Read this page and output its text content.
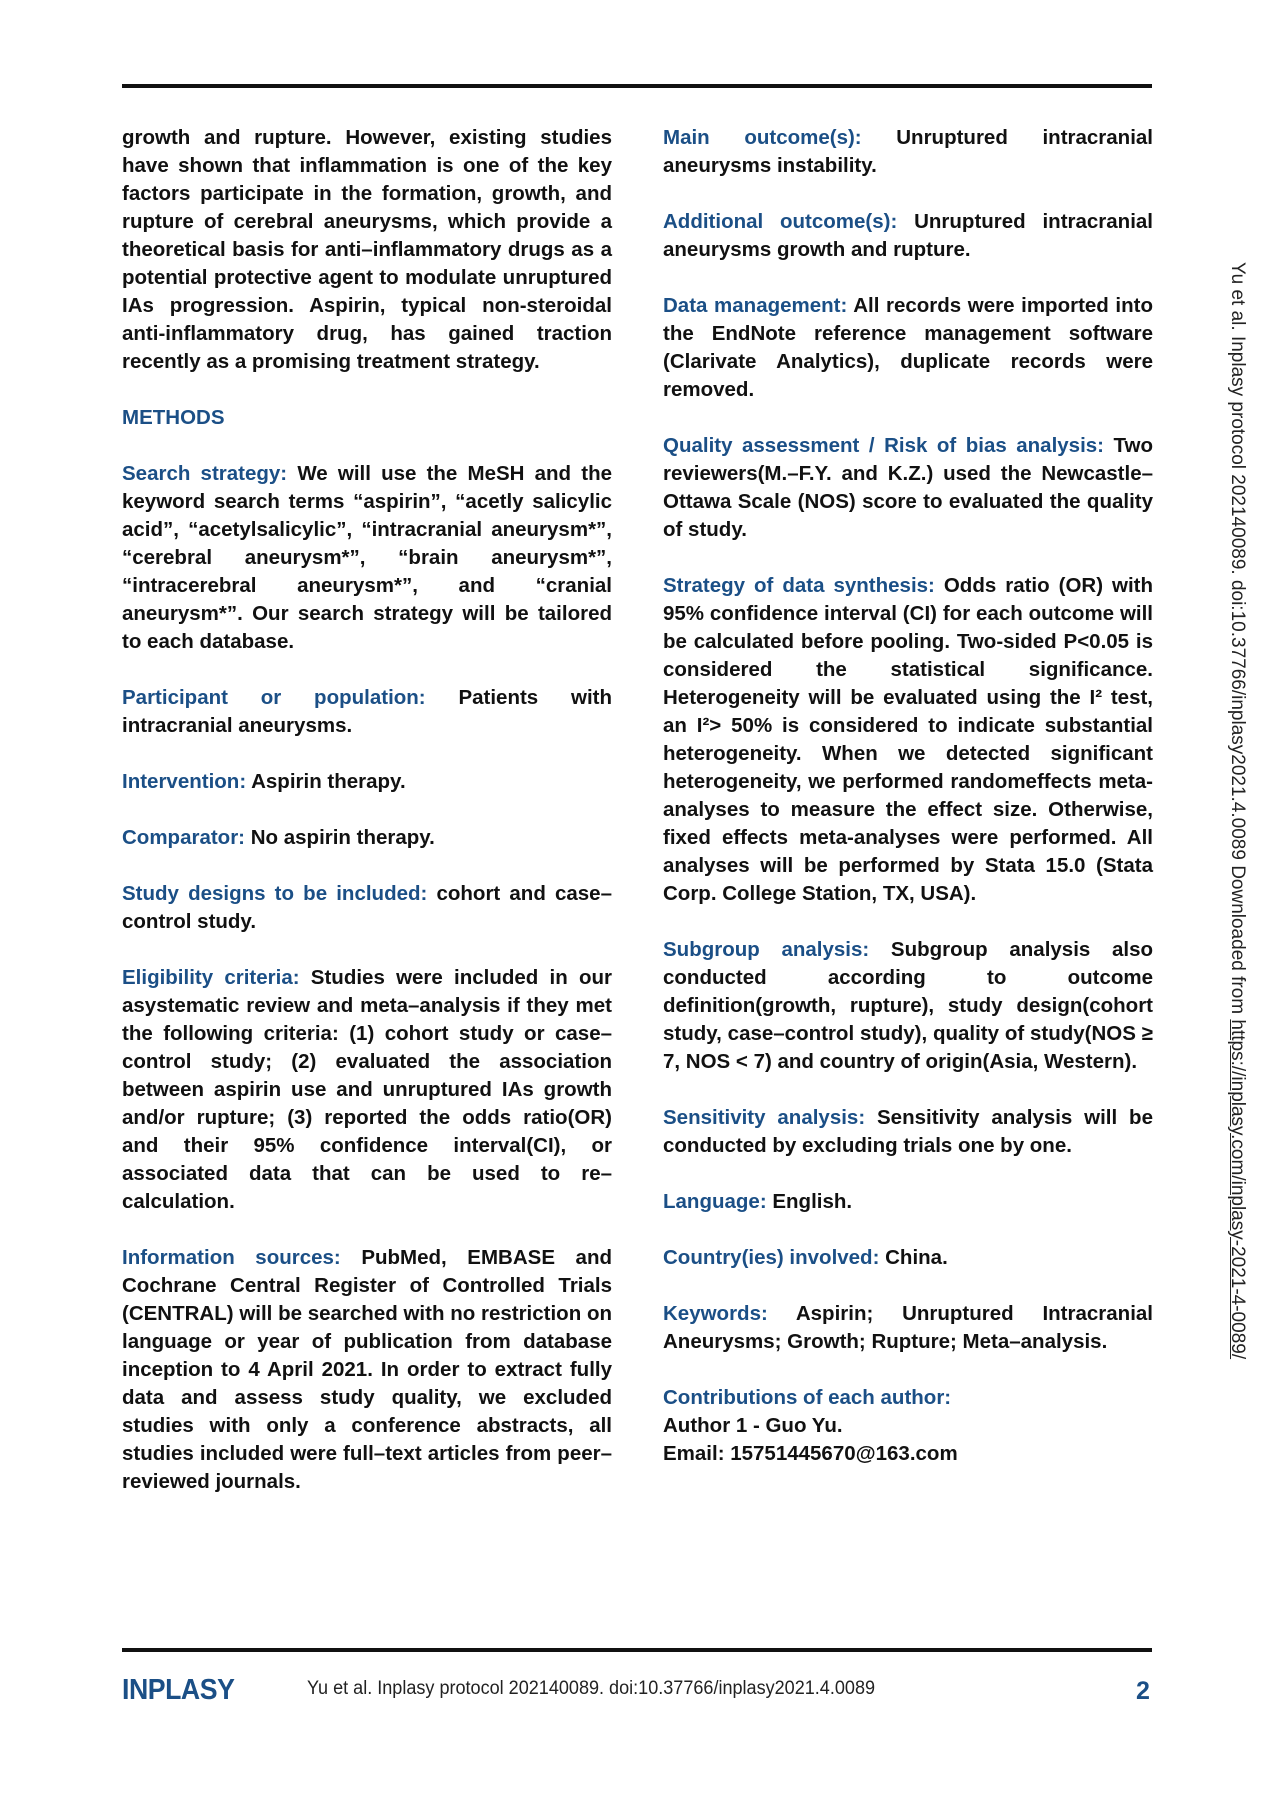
growth and rupture. However, existing studies have shown that inflammation is one of the key factors participate in the formation, growth, and rupture of cerebral aneurysms, which provide a theoretical basis for anti–inflammatory drugs as a potential protective agent to modulate unruptured IAs progression. Aspirin, typical non-steroidal anti-inflammatory drug, has gained traction recently as a promising treatment strategy.

METHODS

Search strategy: We will use the MeSH and the keyword search terms “aspirin”, “acetly salicylic acid”, “acetylsalicylic”, “intracranial aneurysm*”, “cerebral aneurysm*”, “brain aneurysm*”, “intracerebral aneurysm*”, and “cranial aneurysm*”. Our search strategy will be tailored to each database.

Participant or population: Patients with intracranial aneurysms.

Intervention: Aspirin therapy.

Comparator: No aspirin therapy.

Study designs to be included: cohort and case–control study.

Eligibility criteria: Studies were included in our asystematic review and meta–analysis if they met the following criteria: (1) cohort study or case–control study; (2) evaluated the association between aspirin use and unruptured IAs growth and/or rupture; (3) reported the odds ratio(OR) and their 95% confidence interval(CI), or associated data that can be used to re–calculation.

Information sources: PubMed, EMBASE and Cochrane Central Register of Controlled Trials (CENTRAL) will be searched with no restriction on language or year of publication from database inception to 4 April 2021. In order to extract fully data and assess study quality, we excluded studies with only a conference abstracts, all studies included were full–text articles from peer–reviewed journals.

Main outcome(s): Unruptured intracranial aneurysms instability.

Additional outcome(s): Unruptured intracranial aneurysms growth and rupture.

Data management: All records were imported into the EndNote reference management software (Clarivate Analytics), duplicate records were removed.

Quality assessment / Risk of bias analysis: Two reviewers(M.–F.Y. and K.Z.) used the Newcastle–Ottawa Scale (NOS) score to evaluated the quality of study.

Strategy of data synthesis: Odds ratio (OR) with 95% confidence interval (CI) for each outcome will be calculated before pooling. Two-sided P<0.05 is considered the statistical significance. Heterogeneity will be evaluated using the I² test, an I²> 50% is considered to indicate substantial heterogeneity. When we detected significant heterogeneity, we performed randomeffects meta-analyses to measure the effect size. Otherwise, fixed effects meta-analyses were performed. All analyses will be performed by Stata 15.0 (Stata Corp. College Station, TX, USA).

Subgroup analysis: Subgroup analysis also conducted according to outcome definition(growth, rupture), study design(cohort study, case–control study), quality of study(NOS ≥ 7, NOS < 7) and country of origin(Asia, Western).

Sensitivity analysis: Sensitivity analysis will be conducted by excluding trials one by one.

Language: English.

Country(ies) involved: China.

Keywords: Aspirin; Unruptured Intracranial Aneurysms; Growth; Rupture; Meta–analysis.

Contributions of each author:
Author 1 - Guo Yu.
Email: 15751445670@163.com
INPLASY	Yu et al. Inplasy protocol 202140089. doi:10.37766/inplasy2021.4.0089	2
Yu et al. Inplasy protocol 202140089. doi:10.37766/inplasy2021.4.0089 Downloaded from https://inplasy.com/inplasy-2021-4-0089/
